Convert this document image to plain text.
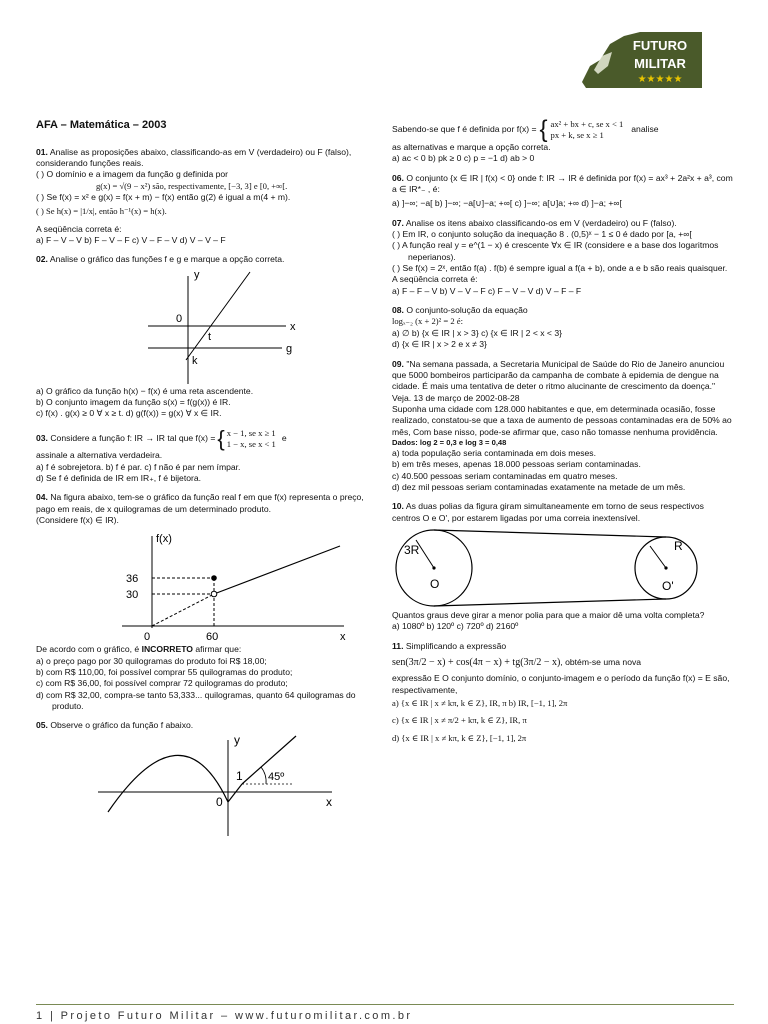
FUTURO
MILITAR
★★★★★

AFA – Matemática – 2003

01. Analise as proposições abaixo, classificando-as em V (verdadeiro) ou F (falso), considerando funções reais.

( ) O domínio e a imagem da função g definida por

g(x) = √(9 − x²) são, respectivamente, [−3, 3] e [0, +∞[.

( ) Se f(x) = x² e g(x) = f(x + m) − f(x) então g(2) é igual a m(4 + m).

( ) Se h(x) = |1/x|, então h⁻¹(x) = h(x).

A seqüência correta é:

a) F – V – V b) F – V – F c) V – F – V d) V – V – F

02. Analise o gráfico das funções f e g e marque a opção correta.

y
x
0
t
k
g

a) O gráfico da função h(x) − f(x) é uma reta ascendente.

b) O conjunto imagem da função s(x) = f(g(x)) é IR.

c) f(x) . g(x) ≥ 0 ∀ x ≥ t. d) g(f(x)) = g(x) ∀ x ∈ IR.

03. Considere a função f: IR → IR tal que f(x) = { x − 1, se x ≥ 1
1 − x, se x < 1
e

assinale a alternativa verdadeira.

a) f é sobrejetora. b) f é par. c) f não é par nem ímpar.

d) Se f é definida de IR em IR₊, f é bijetora.

04. Na figura abaixo, tem-se o gráfico da função real f em que f(x) representa o preço, pago em reais, de x quilogramas de um determinado produto.

(Considere f(x) ∈ IR).

f(x)
36
30
0	60	x

De acordo com o gráfico, é INCORRETO afirmar que:

a) o preço pago por 30 quilogramas do produto foi R$ 18,00;

b) com R$ 110,00, foi possível comprar 55 quilogramas do produto;

c) com R$ 36,00, foi possível comprar 72 quilogramas do produto;

d) com R$ 32,00, compra-se tanto 53,333... quilogramas, quanto 64 quilogramas do produto.

05. Observe o gráfico da função f abaixo.

y
x
0
1 45º
Sabendo-se que f é definida por f(x) = { ax² + bx + c, se x < 1
px + k, se x ≥ 1
analise

as alternativas e marque a opção correta.

a) ac < 0 b) pk ≥ 0 c) p = −1 d) ab > 0

06. O conjunto {x ∈ IR | f(x) < 0} onde f: IR → IR é definida por f(x) = ax³ + 2a²x + a³, com a ∈ IR*₋ , é:

a) ]−∞; −a[ b) ]−∞; −a[∪]−a; +∞[ c) ]−∞; a[∪]a; +∞ d) ]−a; +∞[

07. Analise os itens abaixo classificando-os em V (verdadeiro) ou F (falso).

( ) Em IR, o conjunto solução da inequação 8 . (0,5)ˣ − 1 ≤ 0 é dado por [a, +∞[

( ) A função real y = e^(1 − x) é crescente ∀x ∈ IR (considere e a base dos logaritmos neperianos).

( ) Se f(x) = 2ˣ, então f(a) . f(b) é sempre igual a f(a + b), onde a e b são reais quaisquer.

A seqüência correta é:

a) F – F – V b) V – V – F c) F – V – V d) V – F – F

08. O conjunto-solução da equação

logₓ₋₂ (x + 2)² = 2 é:

a) ∅ b) {x ∈ IR | x > 3} c) {x ∈ IR | 2 < x < 3}

d) {x ∈ IR | x > 2 e x ≠ 3}

09. "Na semana passada, a Secretaria Municipal de Saúde do Rio de Janeiro anunciou que 5000 bombeiros participarão da campanha de combate à epidemia de dengue na cidade. É mais uma tentativa de deter o ritmo alucinante de crescimento da doença." Veja. 13 de março de 2002-08-28

Suponha uma cidade com 128.000 habitantes e que, em determinada ocasião, fosse realizado, constatou-se que a taxa de aumento de pessoas contaminadas era de 50% ao mês, Com base nisso, pode-se afirmar que, caso não tomasse nenhuma providência.

Dados: log 2 = 0,3 e log 3 = 0,48

a) toda população seria contaminada em dois meses.

b) em três meses, apenas 18.000 pessoas seriam contaminadas.

c) 40.500 pessoas seriam contaminadas em quatro meses.

d) dez mil pessoas seriam contaminadas exatamente na metade de um mês.

10. As duas polias da figura giram simultaneamente em torno de seus respectivos centros O e O', por estarem ligadas por uma correia inextensível.

3R
O
R
O'

Quantos graus deve girar a menor polia para que a maior dê uma volta completa?

a) 1080º b) 120º c) 720º d) 2160º

11. Simplificando a expressão

sen(3π/2 − x) + cos(4π − x) + tg(3π/2 − x), obtém-se uma nova

expressão E O conjunto domínio, o conjunto-imagem e o período da função f(x) = E são, respectivamente,

a) {x ∈ IR | x ≠ kπ, k ∈ Z}, IR, π b) IR, [−1, 1], 2π

c) {x ∈ IR | x ≠ π/2 + kπ, k ∈ Z}, IR, π

d) {x ∈ IR | x ≠ kπ, k ∈ Z}, [−1, 1], 2π

1 | Projeto Futuro Militar – www.futuromilitar.com.br
